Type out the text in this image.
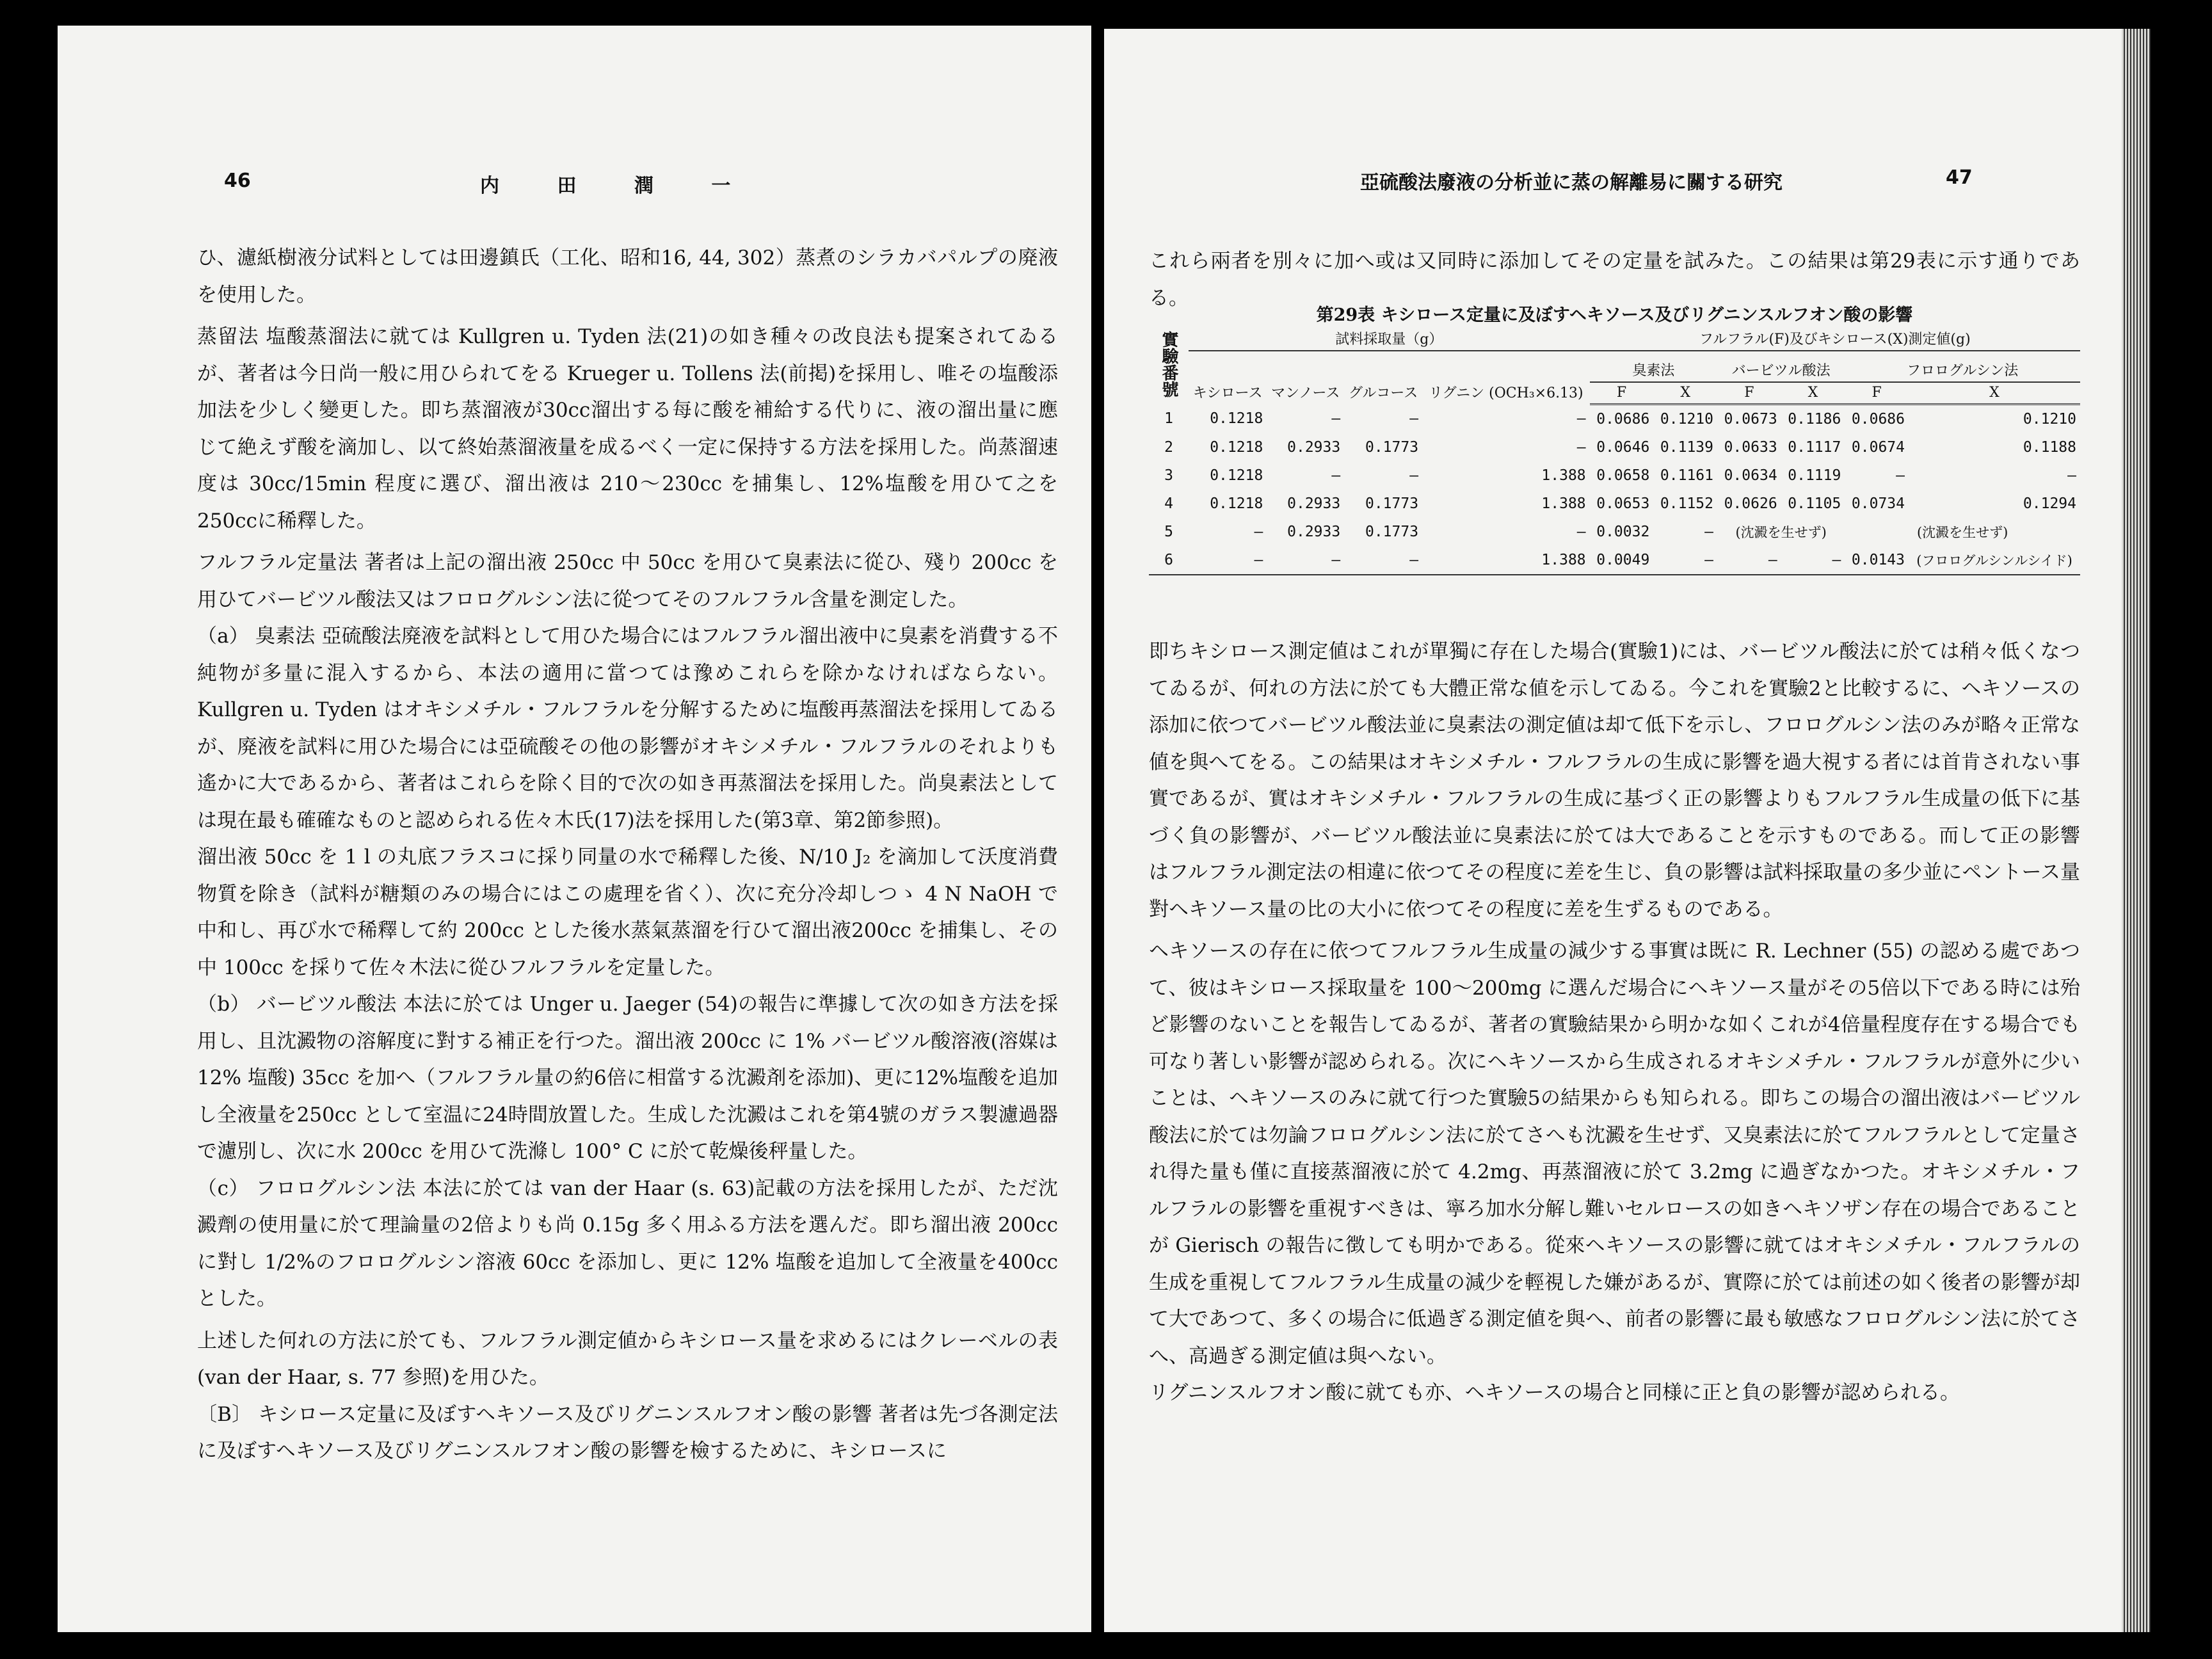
46	内 田 潤 一

ひ、濾紙樹液分试料としては田邊鎮氏（工化、昭和16, 44, 302）蒸煮のシラカバパルプの廃液を使用した。

蒸留法 塩酸蒸溜法に就ては Kullgren u. Tyden 法(21)の如き種々の改良法も提案されてゐるが、著者は今日尚一般に用ひられてをる Krueger u. Tollens 法(前掲)を採用し、唯その塩酸添加法を少しく變更した。即ち蒸溜液が30cc溜出する每に酸を補給する代りに、液の溜出量に應じて絶えず酸を滴加し、以て終始蒸溜液量を成るべく一定に保持する方法を採用した。尚蒸溜速度は 30cc/15min 程度に選び、溜出液は 210～230cc を捕集し、12%塩酸を用ひて之を 250ccに稀釋した。

フルフラル定量法 著者は上記の溜出液 250cc 中 50cc を用ひて臭素法に從ひ、殘り 200cc を用ひてバービツル酸法又はフロログルシン法に從つてそのフルフラル含量を測定した。

（a） 臭素法 亞硫酸法廃液を試料として用ひた場合にはフルフラル溜出液中に臭素を消費する不純物が多量に混入するから、本法の適用に當つては豫めこれらを除かなければならない。Kullgren u. Tyden はオキシメチル・フルフラルを分解するために塩酸再蒸溜法を採用してゐるが、廃液を試料に用ひた場合には亞硫酸その他の影響がオキシメチル・フルフラルのそれよりも遙かに大であるから、著者はこれらを除く目的で次の如き再蒸溜法を採用した。尚臭素法としては現在最も確確なものと認められる佐々木氏(17)法を採用した(第3章、第2節参照)。

溜出液 50cc を 1 l の丸底フラスコに採り同量の水で稀釋した後、N/10 J₂ を滴加して沃度消費物質を除き（試料が糖類のみの場合にはこの處理を省く）、次に充分冷却しつゝ 4 N NaOH で中和し、再び水で稀釋して約 200cc とした後水蒸氣蒸溜を行ひて溜出液200cc を捕集し、その中 100cc を採りて佐々木法に從ひフルフラルを定量した。

（b） バービツル酸法 本法に於ては Unger u. Jaeger (54)の報告に準據して次の如き方法を採用し、且沈澱物の溶解度に對する補正を行つた。溜出液 200cc に 1% バービツル酸溶液(溶媒は 12% 塩酸) 35cc を加へ（フルフラル量の約6倍に相當する沈澱剤を添加)、更に12%塩酸を追加し全液量を250cc として室温に24時間放置した。生成した沈澱はこれを第4號のガラス製濾過器で濾別し、次に水 200cc を用ひて洗滌し 100° C に於て乾燥後秤量した。

（c） フロログルシン法 本法に於ては van der Haar (s. 63)記載の方法を採用したが、ただ沈澱劑の使用量に於て理論量の2倍よりも尚 0.15g 多く用ふる方法を選んだ。即ち溜出液 200cc に對し 1/2%のフロログルシン溶液 60cc を添加し、更に 12% 塩酸を追加して全液量を400cc とした。

上述した何れの方法に於ても、フルフラル測定値からキシロース量を求めるにはクレーベルの表(van der Haar, s. 77 参照)を用ひた。

〔B〕 キシロース定量に及ぼすヘキソース及びリグニンスルフオン酸の影響 著者は先づ各測定法に及ぼすヘキソース及びリグニンスルフオン酸の影響を檢するために、キシロースに

亞硫酸法廢液の分析並に蒸の解離易に關する研究	47
これら兩者を別々に加へ或は又同時に添加してその定量を試みた。この結果は第29表に示す通りである。
第29表 キシロース定量に及ぼすヘキソース及びリグニンスルフオン酸の影響
實驗番號	試料採取量（g）				フルフラル(F)及びキシロース(X)測定値(g)					
	キシロース	マンノース	グルコース	リグニン (OCH₃×6.13)	臭素法		バービツル酸法		フロログルシン法	
					F	X	F	X	F	X
1	0.1218	—	—	—	0.0686	0.1210	0.0673	0.1186	0.0686	0.1210
2	0.1218	0.2933	0.1773	—	0.0646	0.1139	0.0633	0.1117	0.0674	0.1188
3	0.1218	—	—	1.388	0.0658	0.1161	0.0634	0.1119	—	—
4	0.1218	0.2933	0.1773	1.388	0.0653	0.1152	0.0626	0.1105	0.0734	0.1294
5	—	0.2933	0.1773	—	0.0032	—	(沈澱を生せず)		(沈澱を生せず)	
6	—	—	—	1.388	0.0049	—	—	—	0.0143	(フロログルシンルシイド)

即ちキシロース測定値はこれが單獨に存在した場合(實驗1)には、バービツル酸法に於ては稍々低くなつてゐるが、何れの方法に於ても大體正常な値を示してゐる。今これを實驗2と比較するに、ヘキソースの添加に依つてバービツル酸法並に臭素法の測定値は却て低下を示し、フロログルシン法のみが略々正常な値を與へてをる。この結果はオキシメチル・フルフラルの生成に影響を過大視する者には首肯されない事實であるが、實はオキシメチル・フルフラルの生成に基づく正の影響よりもフルフラル生成量の低下に基づく負の影響が、バービツル酸法並に臭素法に於ては大であることを示すものである。而して正の影響はフルフラル測定法の相違に依つてその程度に差を生じ、負の影響は試料採取量の多少並にペントース量對ヘキソース量の比の大小に依つてその程度に差を生ずるものである。

ヘキソースの存在に依つてフルフラル生成量の減少する事實は既に R. Lechner (55) の認める處であつて、彼はキシロース採取量を 100～200mg に選んだ場合にヘキソース量がその5倍以下である時には殆ど影響のないことを報告してゐるが、著者の實驗結果から明かな如くこれが4倍量程度存在する場合でも可なり著しい影響が認められる。次にヘキソースから生成されるオキシメチル・フルフラルが意外に少いことは、ヘキソースのみに就て行つた實驗5の結果からも知られる。即ちこの場合の溜出液はバービツル酸法に於ては勿論フロログルシン法に於てさへも沈澱を生せず、又臭素法に於てフルフラルとして定量され得た量も僅に直接蒸溜液に於て 4.2mg、再蒸溜液に於て 3.2mg に過ぎなかつた。オキシメチル・フルフラルの影響を重視すべきは、寧ろ加水分解し難いセルロースの如きヘキソザン存在の場合であることが Gierisch の報告に徴しても明かである。從來ヘキソースの影響に就てはオキシメチル・フルフラルの生成を重視してフルフラル生成量の減少を輕視した嫌があるが、實際に於ては前述の如く後者の影響が却て大であつて、多くの場合に低過ぎる測定値を與へ、前者の影響に最も敏感なフロログルシン法に於てさへ、高過ぎる測定値は與へない。

リグニンスルフオン酸に就ても亦、ヘキソースの場合と同様に正と負の影響が認められる。
